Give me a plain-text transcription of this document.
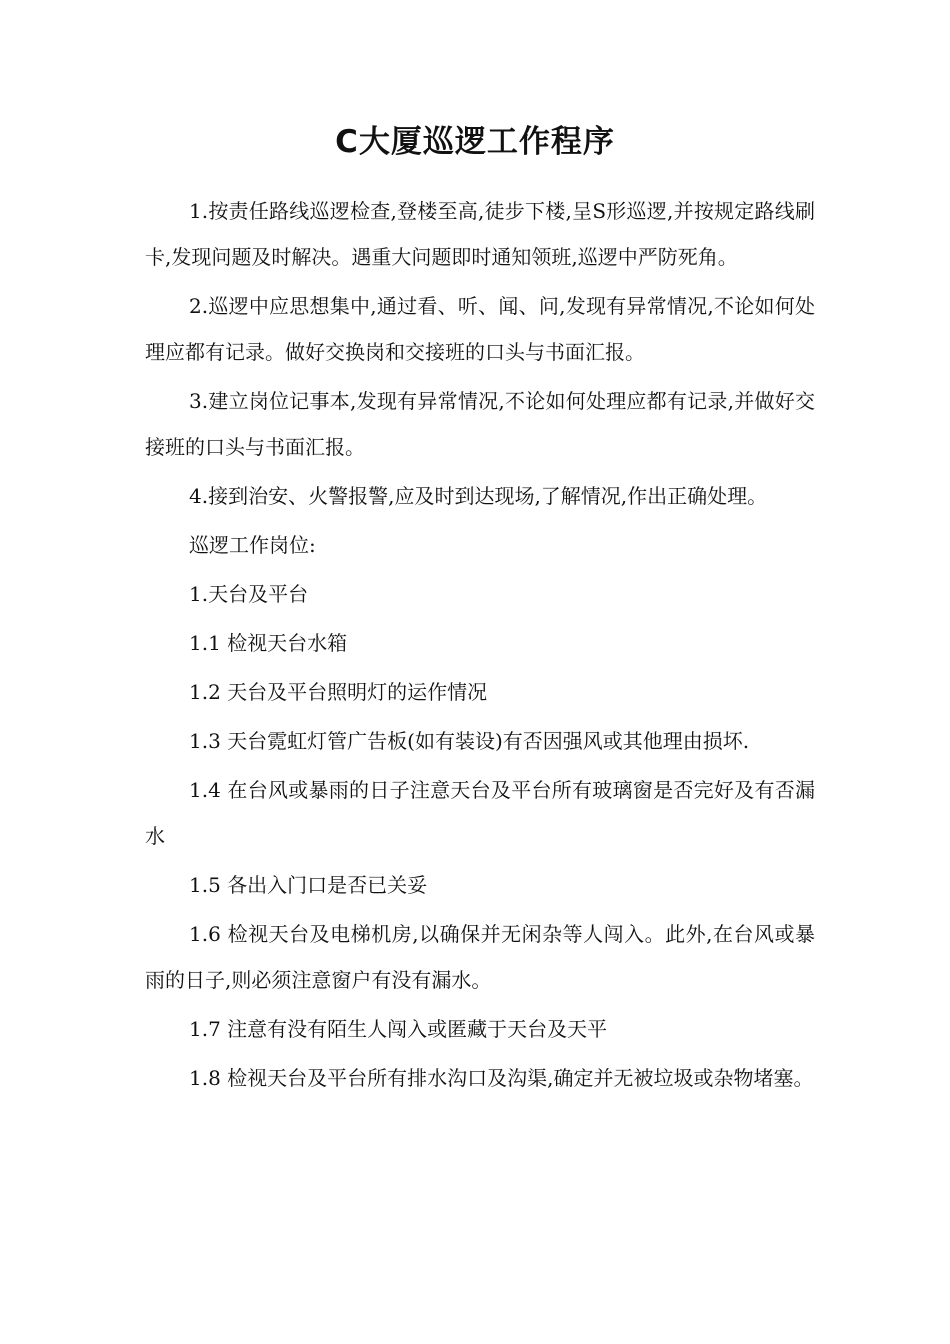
C大厦巡逻工作程序

1.按责任路线巡逻检查,登楼至高,徒步下楼,呈S形巡逻,并按规定路线刷卡,发现问题及时解决。遇重大问题即时通知领班,巡逻中严防死角。

2.巡逻中应思想集中,通过看、听、闻、问,发现有异常情况,不论如何处理应都有记录。做好交换岗和交接班的口头与书面汇报。

3.建立岗位记事本,发现有异常情况,不论如何处理应都有记录,并做好交接班的口头与书面汇报。

4.接到治安、火警报警,应及时到达现场,了解情况,作出正确处理。

巡逻工作岗位:

1.天台及平台

1.1 检视天台水箱

1.2 天台及平台照明灯的运作情况

1.3 天台霓虹灯管广告板(如有装设)有否因强风或其他理由损坏.

1.4 在台风或暴雨的日子注意天台及平台所有玻璃窗是否完好及有否漏水

1.5 各出入门口是否已关妥

1.6 检视天台及电梯机房,以确保并无闲杂等人闯入。此外,在台风或暴雨的日子,则必须注意窗户有没有漏水。

1.7 注意有没有陌生人闯入或匿藏于天台及天平

1.8 检视天台及平台所有排水沟口及沟渠,确定并无被垃圾或杂物堵塞。
